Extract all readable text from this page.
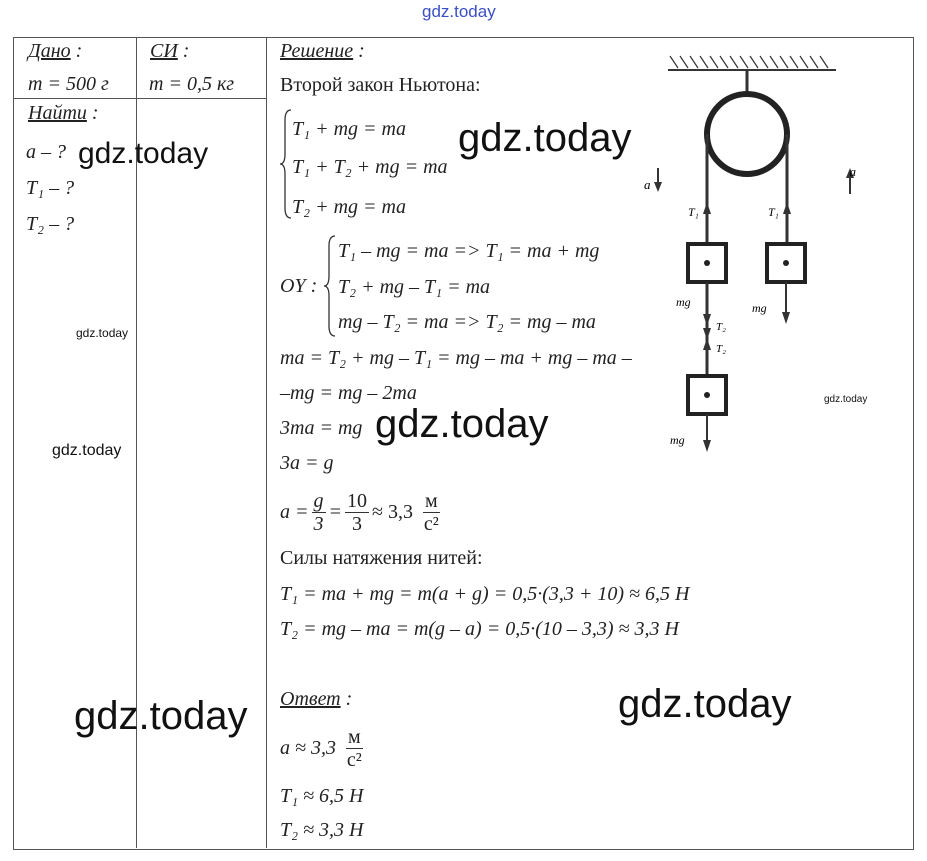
gdz.today
Дано :
m = 500 г
Найти :
a – ?
T₁ – ?
T₂ – ?
СИ :
m = 0,5 кг
Решение :
Второй закон Ньютона:
T₁ + mg = ma
T₁ + T₂ + mg = ma
T₂ + mg = ma
OY :
T₁ – mg = ma => T₁ = ma + mg
T₂ + mg – T₁ = ma
mg – T₂ = ma => T₂ = mg – ma
ma = T₂ + mg – T₁ = mg – ma + mg – ma –
–mg = mg – 2ma
3ma = mg
3a = g
$a = \frac{g}{3} = \frac{10}{3} \approx 3,3 \frac{м}{\text{с²}}$
Силы натяжения нитей:
T₁ = ma + mg = m(a + g) = 0,5·(3,3 + 10) ≈ 6,5 Н
T₂ = mg – ma = m(g – a) = 0,5·(10 – 3,3) ≈ 3,3 Н
Ответ :
$a \approx 3,3 \frac{м}{\text{с²}}$
T₁ ≈ 6,5 Н
T₂ ≈ 3,3 Н
a
a
T₁	T₁
mg	mg
T₂
T₂
mg
gdz.today
gdz.today
gdz.today
gdz.today
gdz.today
gdz.today
gdz.today	gdz.today
